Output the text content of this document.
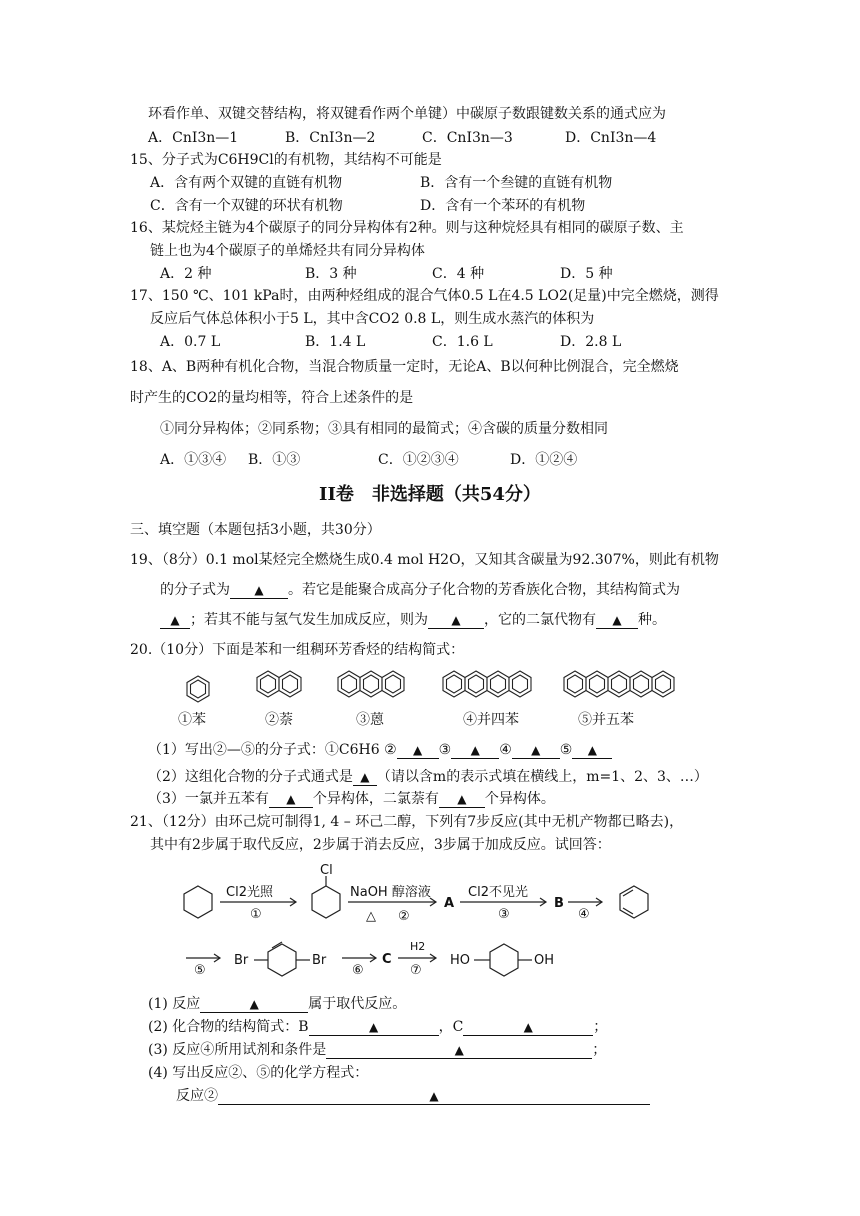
环看作单、双键交替结构，将双键看作两个单键）中碳原子数跟键数关系的通式应为
A．CnI3n—1	B．CnI3n—2	C．CnI3n—3	D．CnI3n—4
15、分子式为C6H9Cl的有机物，其结构不可能是
A．含有两个双键的直链有机物	B．含有一个叁键的直链有机物
C．含有一个双键的环状有机物	D．含有一个苯环的有机物
16、某烷烃主链为4个碳原子的同分异构体有2种。则与这种烷烃具有相同的碳原子数、主
链上也为4个碳原子的单烯烃共有同分异构体
A．2 种	B．3 种	C．4 种	D．5 种
17、150 ℃、101 kPa时，由两种烃组成的混合气体0.5 L在4.5 LO2(足量)中完全燃烧，测得
反应后气体总体积小于5 L，其中含CO2 0.8 L，则生成水蒸汽的体积为
A．0.7 L	B．1.4 L	C．1.6 L	D．2.8 L
18、A、B两种有机化合物，当混合物质量一定时，无论A、B以何种比例混合，完全燃烧
时产生的CO2的量均相等，符合上述条件的是
①同分异构体；②同系物；③具有相同的最简式；④含碳的质量分数相同
A．①③④ B．①③	C．①②③④	D．①②④
II卷　非选择题（共54分）
三、填空题（本题包括3小题，共30分）
19、（8分）0.1 mol某烃完全燃烧生成0.4 mol H2O，又知其含碳量为92.307%，则此有机物
的分子式为 ▲ 。若它是能聚合成高分子化合物的芳香族化合物，其结构简式为
▲ ；若其不能与氢气发生加成反应，则为 ▲ ，它的二氯代物有 ▲ 种。
20.（10分）下面是苯和一组稠环芳香烃的结构简式：
①苯	②萘	③蒽	④并四苯	⑤并五苯
（1）写出②—⑤的分子式：①C6H6 ② ▲ ③ ▲ ④ ▲ ⑤ ▲
（2）这组化合物的分子式通式是 ▲ （请以含m的表示式填在横线上，m=1、2、3、…）
（3）一氯并五苯有 ▲ 个异构体，二氯萘有 ▲ 个异构体。
21、（12分）由环己烷可制得1, 4 – 环己二醇，下列有7步反应(其中无机产物都已略去)，
其中有2步属于取代反应，2步属于消去反应，3步属于加成反应。试回答：
Cl2光照
①
Cl
NaOH 醇溶液
△ ②
A
Cl2不见光
③
B
④
⑤
Br	Br
⑥
C
H2
⑦
HO	OH
(1) 反应	▲	属于取代反应。
(2) 化合物的结构简式：B	▲	，C	▲	；
(3) 反应④所用试剂和条件是	▲	；
(4) 写出反应②、⑤的化学方程式：
反应②	▲
